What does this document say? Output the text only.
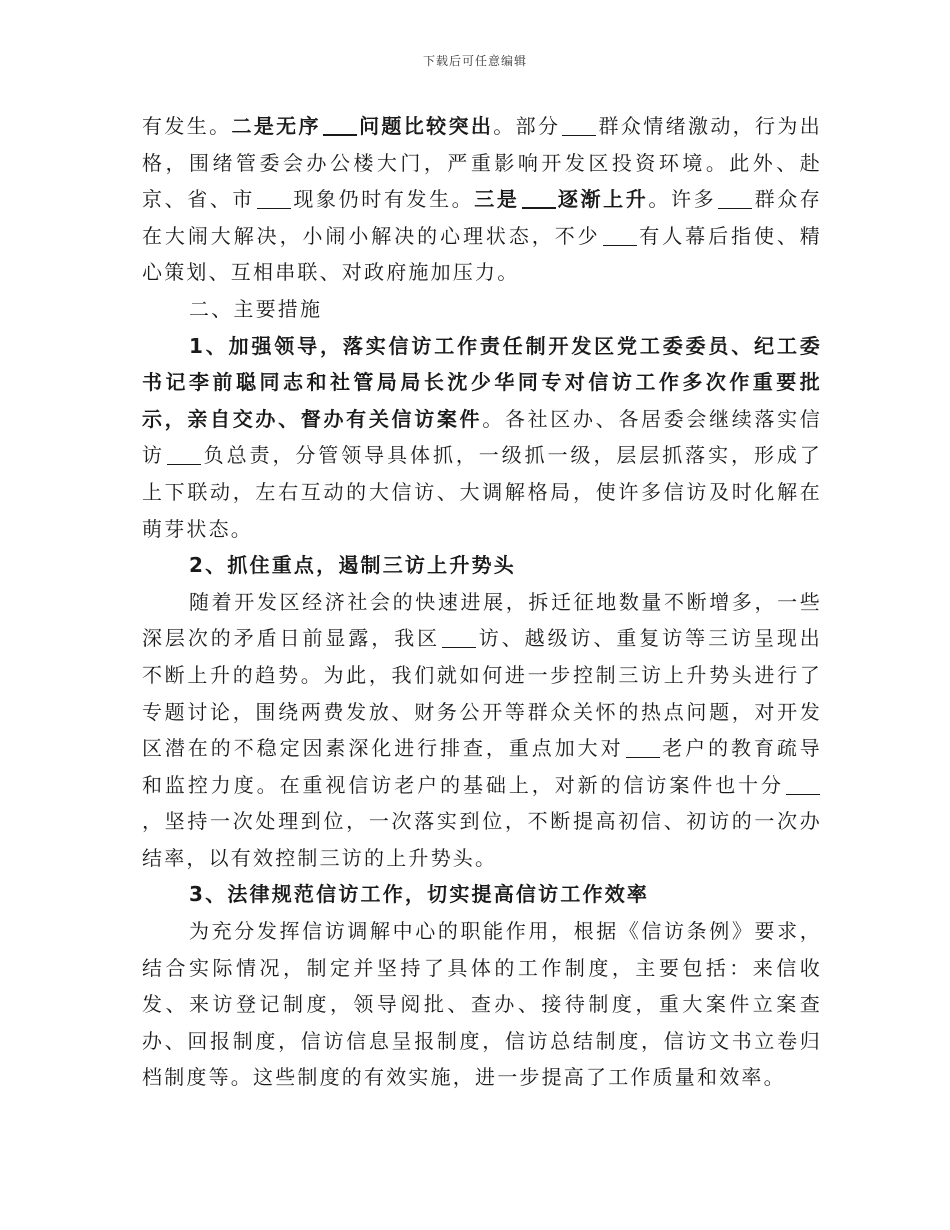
下载后可任意编辑

有发生。二是无序 问题比较突出。部分 群众情绪激动，行为出格，围绪管委会办公楼大门，严重影响开发区投资环境。此外、赴京、省、市 现象仍时有发生。三是 逐渐上升。许多 群众存在大闹大解决，小闹小解决的心理状态，不少 有人幕后指使、精心策划、互相串联、对政府施加压力。

二、主要措施

1、加强领导，落实信访工作责任制开发区党工委委员、纪工委书记李前聪同志和社管局局长沈少华同专对信访工作多次作重要批示，亲自交办、督办有关信访案件。各社区办、各居委会继续落实信访 负总责，分管领导具体抓，一级抓一级，层层抓落实，形成了上下联动，左右互动的大信访、大调解格局，使许多信访及时化解在萌芽状态。

2、抓住重点，遏制三访上升势头

随着开发区经济社会的快速进展，拆迁征地数量不断增多，一些深层次的矛盾日前显露，我区 访、越级访、重复访等三访呈现出不断上升的趋势。为此，我们就如何进一步控制三访上升势头进行了专题讨论，围绕两费发放、财务公开等群众关怀的热点问题，对开发区潜在的不稳定因素深化进行排查，重点加大对 老户的教育疏导和监控力度。在重视信访老户的基础上，对新的信访案件也十分，坚持一次处理到位，一次落实到位，不断提高初信、初访的一次办结率，以有效控制三访的上升势头。

3、法律规范信访工作，切实提高信访工作效率

为充分发挥信访调解中心的职能作用，根据《信访条例》要求，结合实际情况，制定并坚持了具体的工作制度，主要包括：来信收发、来访登记制度，领导阅批、查办、接待制度，重大案件立案查办、回报制度，信访信息呈报制度，信访总结制度，信访文书立卷归档制度等。这些制度的有效实施，进一步提高了工作质量和效率。
